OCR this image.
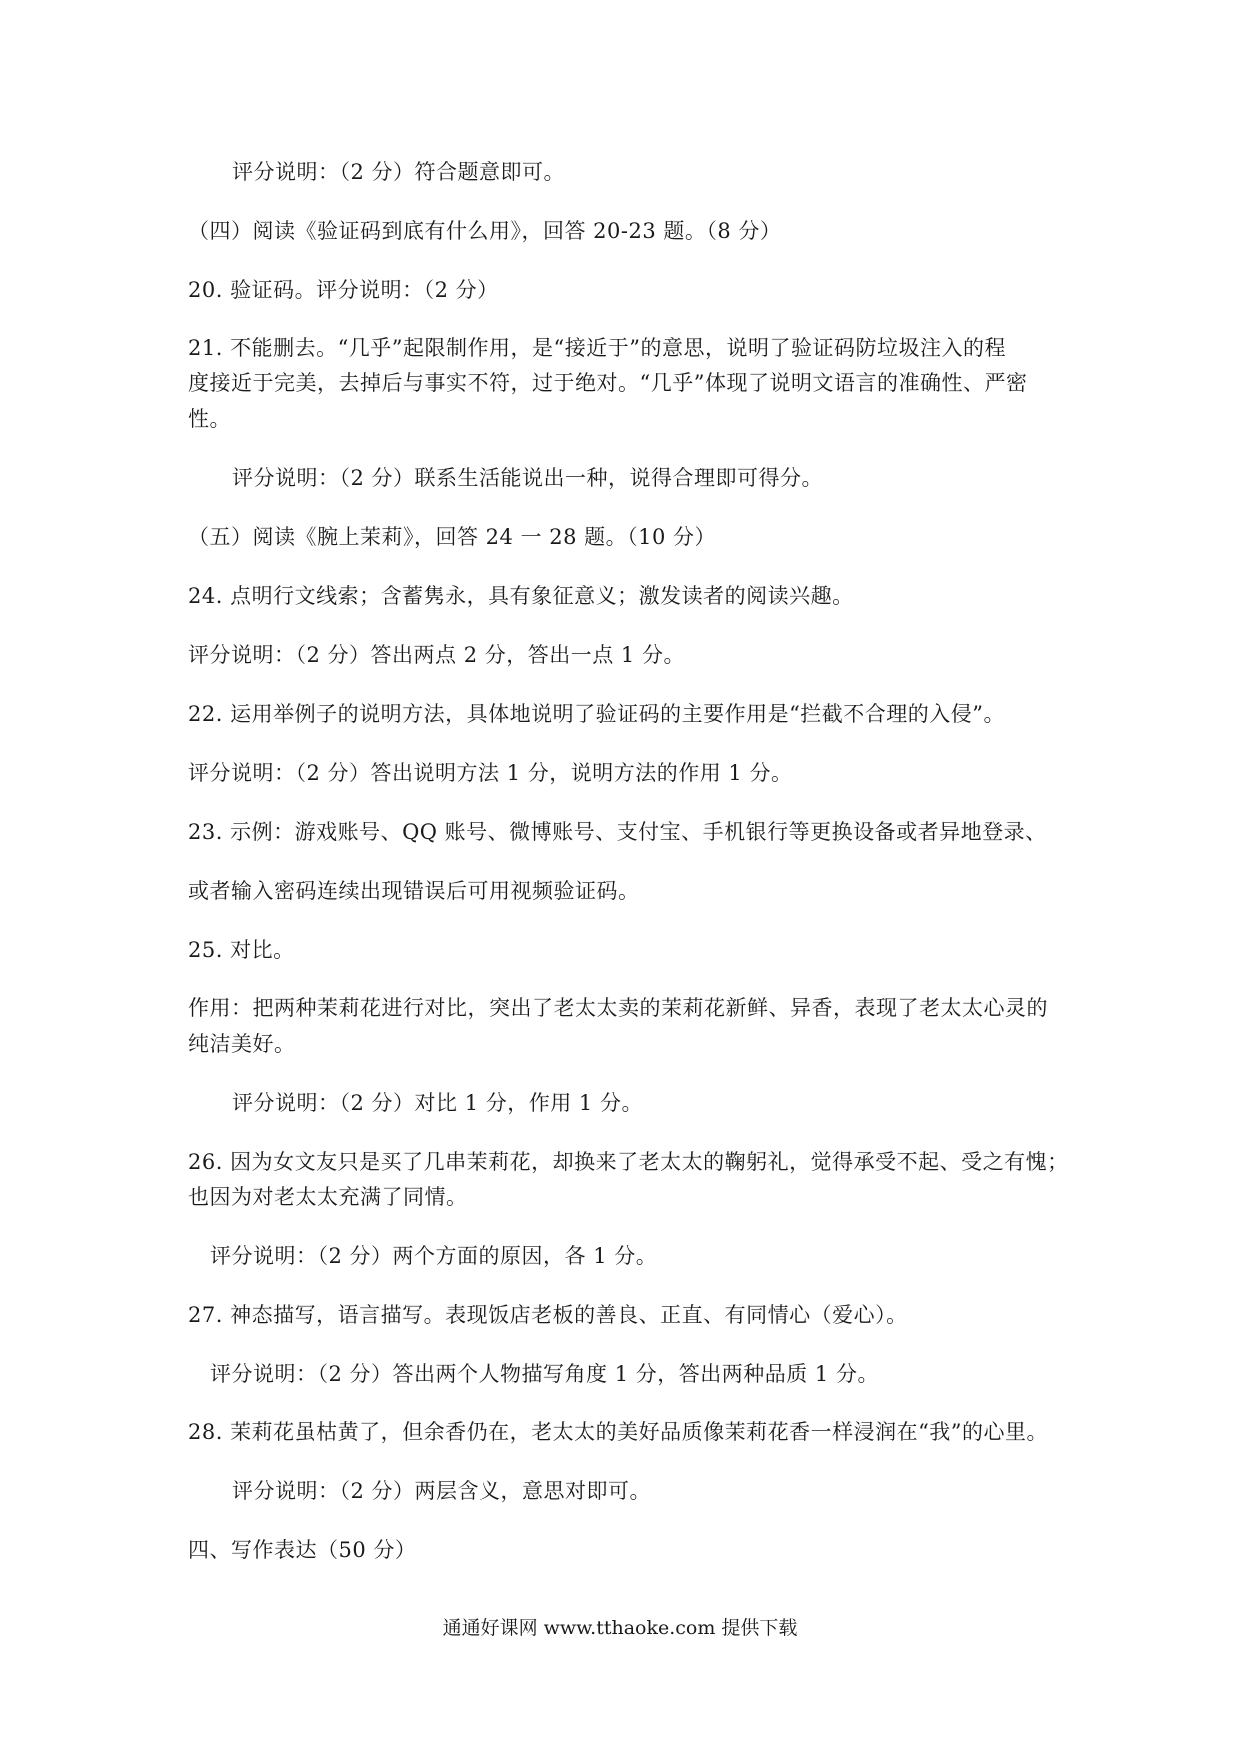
评分说明：（2 分）符合题意即可。
（四）阅读《验证码到底有什么用》，回答 20-23 题。（8 分）
20. 验证码。评分说明：（2 分）
21. 不能删去。“几乎”起限制作用，是“接近于”的意思，说明了验证码防垃圾注入的程
度接近于完美，去掉后与事实不符，过于绝对。“几乎”体现了说明文语言的准确性、严密
性。
评分说明：（2 分）联系生活能说出一种，说得合理即可得分。
（五）阅读《腕上茉莉》，回答 24 一 28 题。（10 分）
24. 点明行文线索；含蓄隽永，具有象征意义；激发读者的阅读兴趣。
评分说明：（2 分）答出两点 2 分，答出一点 1 分。
22. 运用举例子的说明方法，具体地说明了验证码的主要作用是“拦截不合理的入侵”。
评分说明：（2 分）答出说明方法 1 分，说明方法的作用 1 分。
23. 示例：游戏账号、QQ 账号、微博账号、支付宝、手机银行等更换设备或者异地登录、
或者输入密码连续出现错误后可用视频验证码。
25. 对比。
作用：把两种茉莉花进行对比，突出了老太太卖的茉莉花新鲜、异香，表现了老太太心灵的
纯洁美好。
评分说明：（2 分）对比 1 分，作用 1 分。
26. 因为女文友只是买了几串茉莉花，却换来了老太太的鞠躬礼，觉得承受不起、受之有愧；
也因为对老太太充满了同情。
评分说明：（2 分）两个方面的原因，各 1 分。
27. 神态描写，语言描写。表现饭店老板的善良、正直、有同情心（爱心）。
评分说明：（2 分）答出两个人物描写角度 1 分，答出两种品质 1 分。
28. 茉莉花虽枯黄了，但余香仍在，老太太的美好品质像茉莉花香一样浸润在“我”的心里。
评分说明：（2 分）两层含义，意思对即可。
四、写作表达（50 分）
通通好课网 www.tthaoke.com 提供下载
